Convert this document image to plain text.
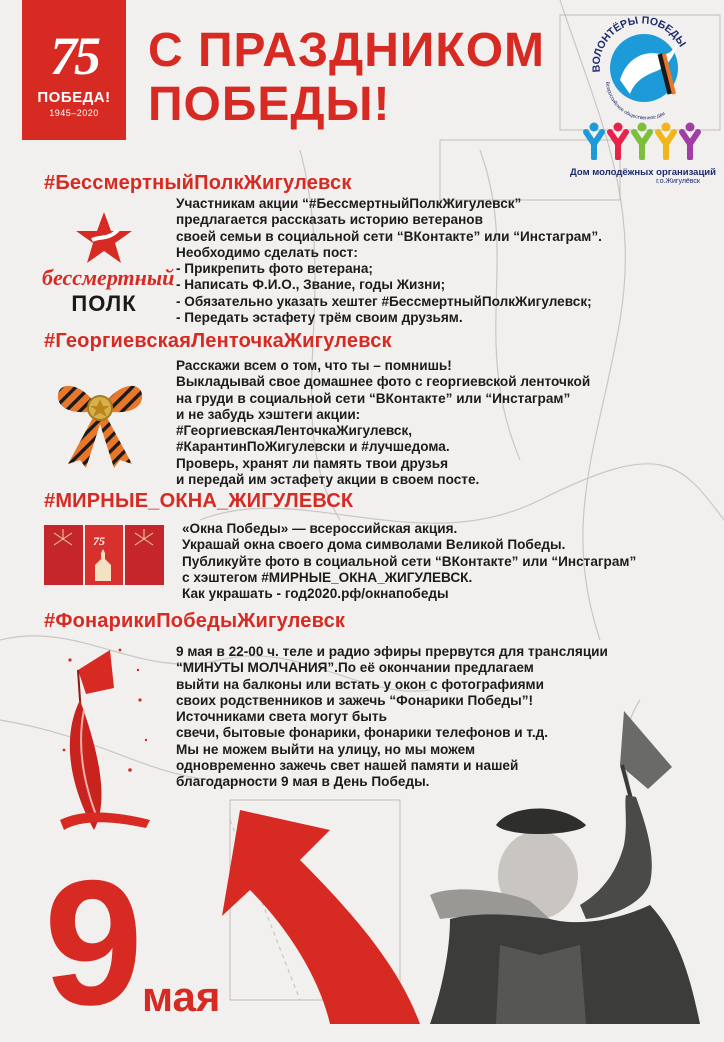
75
ПОБЕДА!
1945–2020
С ПРАЗДНИКОМ
ПОБЕДЫ!
ВОЛОНТЁРЫ ПОБЕДЫ
Всероссийское общественное дви
Дом молодёжных организаций
г.о.Жигулёвск
#БессмертныйПолкЖигулевск
бессмертный
ПОЛК
Участникам акции “#БессмертныйПолкЖигулевск”
предлагается рассказать историю ветеранов
своей семьи в социальной сети “ВКонтакте” или “Инстаграм”.
Необходимо сделать пост:
- Прикрепить фото ветерана;
- Написать Ф.И.О., Звание, годы Жизни;
- Обязательно указать хештег #БессмертныйПолкЖигулевск;
- Передать эстафету трём своим друзьям.
#ГеоргиевскаяЛенточкаЖигулевск
Расскажи всем о том, что ты – помнишь!
Выкладывай свое домашнее фото с георгиевской ленточкой
на груди в социальной сети “ВКонтакте” или “Инстаграм”
и не забудь хэштеги акции:
#ГеоргиевскаяЛенточкаЖигулевск,
#КарантинПоЖигулевски и #лучшедома.
Проверь, хранят ли память твои друзья
и передай им эстафету акции в своем посте.
#МИРНЫЕ_ОКНА_ЖИГУЛЕВСК
75
«Окна Победы» — всероссийская акция.
Украшай окна своего дома символами Великой Победы.
Публикуйте фото в социальной сети “ВКонтакте” или “Инстаграм”
с хэштегом #МИРНЫЕ_ОКНА_ЖИГУЛЕВСК.
Как украшать - год2020.рф/окнапобеды
#ФонарикиПобедыЖигулевск
9 мая в 22-00 ч. теле и радио эфиры прервутся для трансляции
“МИНУТЫ МОЛЧАНИЯ”.По её окончании предлагаем
выйти на балконы или встать у окон с фотографиями
своих родственников и зажечь “Фонарики Победы”!
Источниками света могут быть
свечи, бытовые фонарики, фонарики телефонов и т.д.
Мы не можем выйти на улицу, но мы можем
одновременно зажечь свет нашей памяти и нашей
благодарности 9 мая в День Победы.
9 мая
